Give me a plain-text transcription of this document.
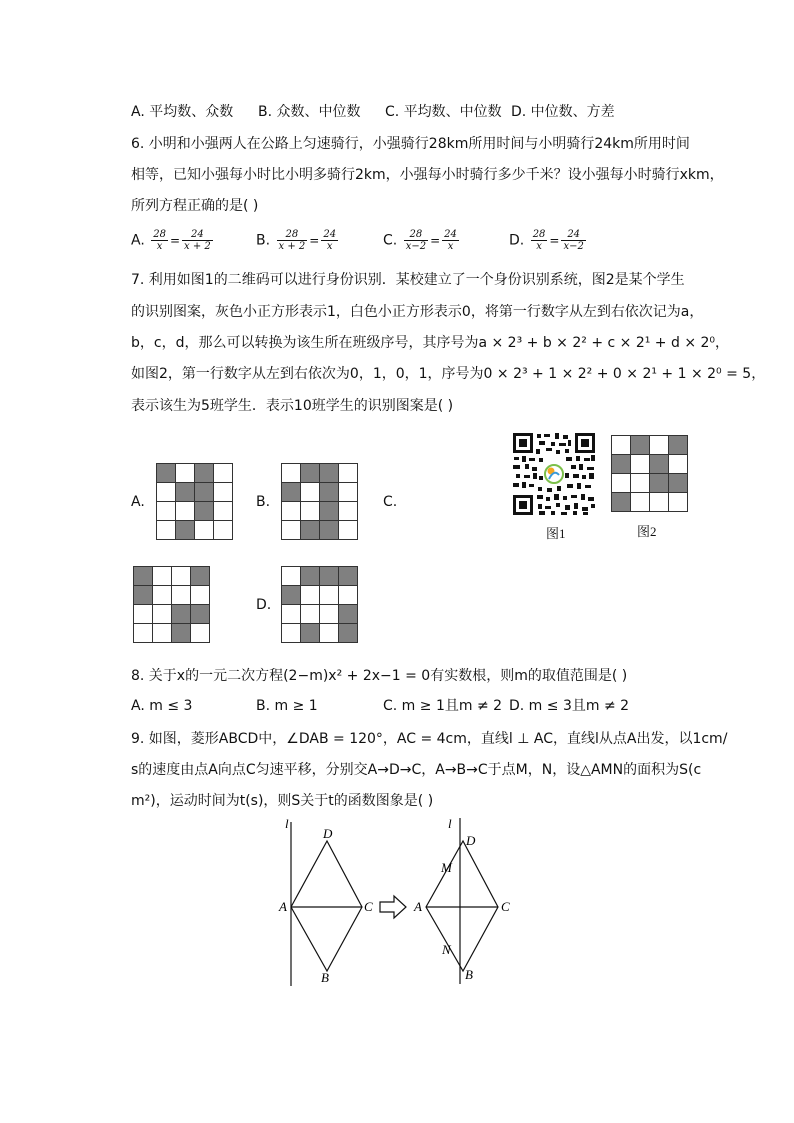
A. 平均数、众数 B. 众数、中位数 C. 平均数、中位数 D. 中位数、方差
6. 小明和小强两人在公路上匀速骑行，小强骑行28km所用时间与小明骑行24km所用时间
相等，已知小强每小时比小明多骑行2km，小强每小时骑行多少千米？设小强每小时骑行xkm，
所列方程正确的是( )
A. $\frac{28}{x} = \frac{24}{x + 2}$	B. $\frac{28}{x + 2} = \frac{24}{x}$	C. $\frac{28}{x-2} = \frac{24}{x}$	D. $\frac{28}{x} = \frac{24}{x-2}$
7. 利用如图1的二维码可以进行身份识别．某校建立了一个身份识别系统，图2是某个学生
的识别图案，灰色小正方形表示1，白色小正方形表示0，将第一行数字从左到右依次记为a，
b，c，d，那么可以转换为该生所在班级序号，其序号为a × 2³ + b × 2² + c × 2¹ + d × 2⁰，
如图2，第一行数字从左到右依次为0，1，0，1，序号为0 × 2³ + 1 × 2² + 0 × 2¹ + 1 × 2⁰ = 5，
表示该生为5班学生．表示10班学生的识别图案是( )
A.

				B.

				C.

D.

图1

				图2
8. 关于x的一元二次方程(2−m)x² + 2x−1 = 0有实数根，则m的取值范围是( )
A. m ≤ 3	B. m ≥ 1	C. m ≥ 1且m ≠ 2 D. m ≤ 3且m ≠ 2
9. 如图，菱形ABCD中，∠DAB = 120°，AC = 4cm，直线l ⊥ AC，直线l从点A出发，以1cm/
s的速度由点A向点C匀速平移，分别交A→D→C，A→B→C于点M，N，设△AMN的面积为S(c
m²)，运动时间为t(s)，则S关于t的函数图象是( )
l
D
A	C
B
l
D
M
A	C
N
B
